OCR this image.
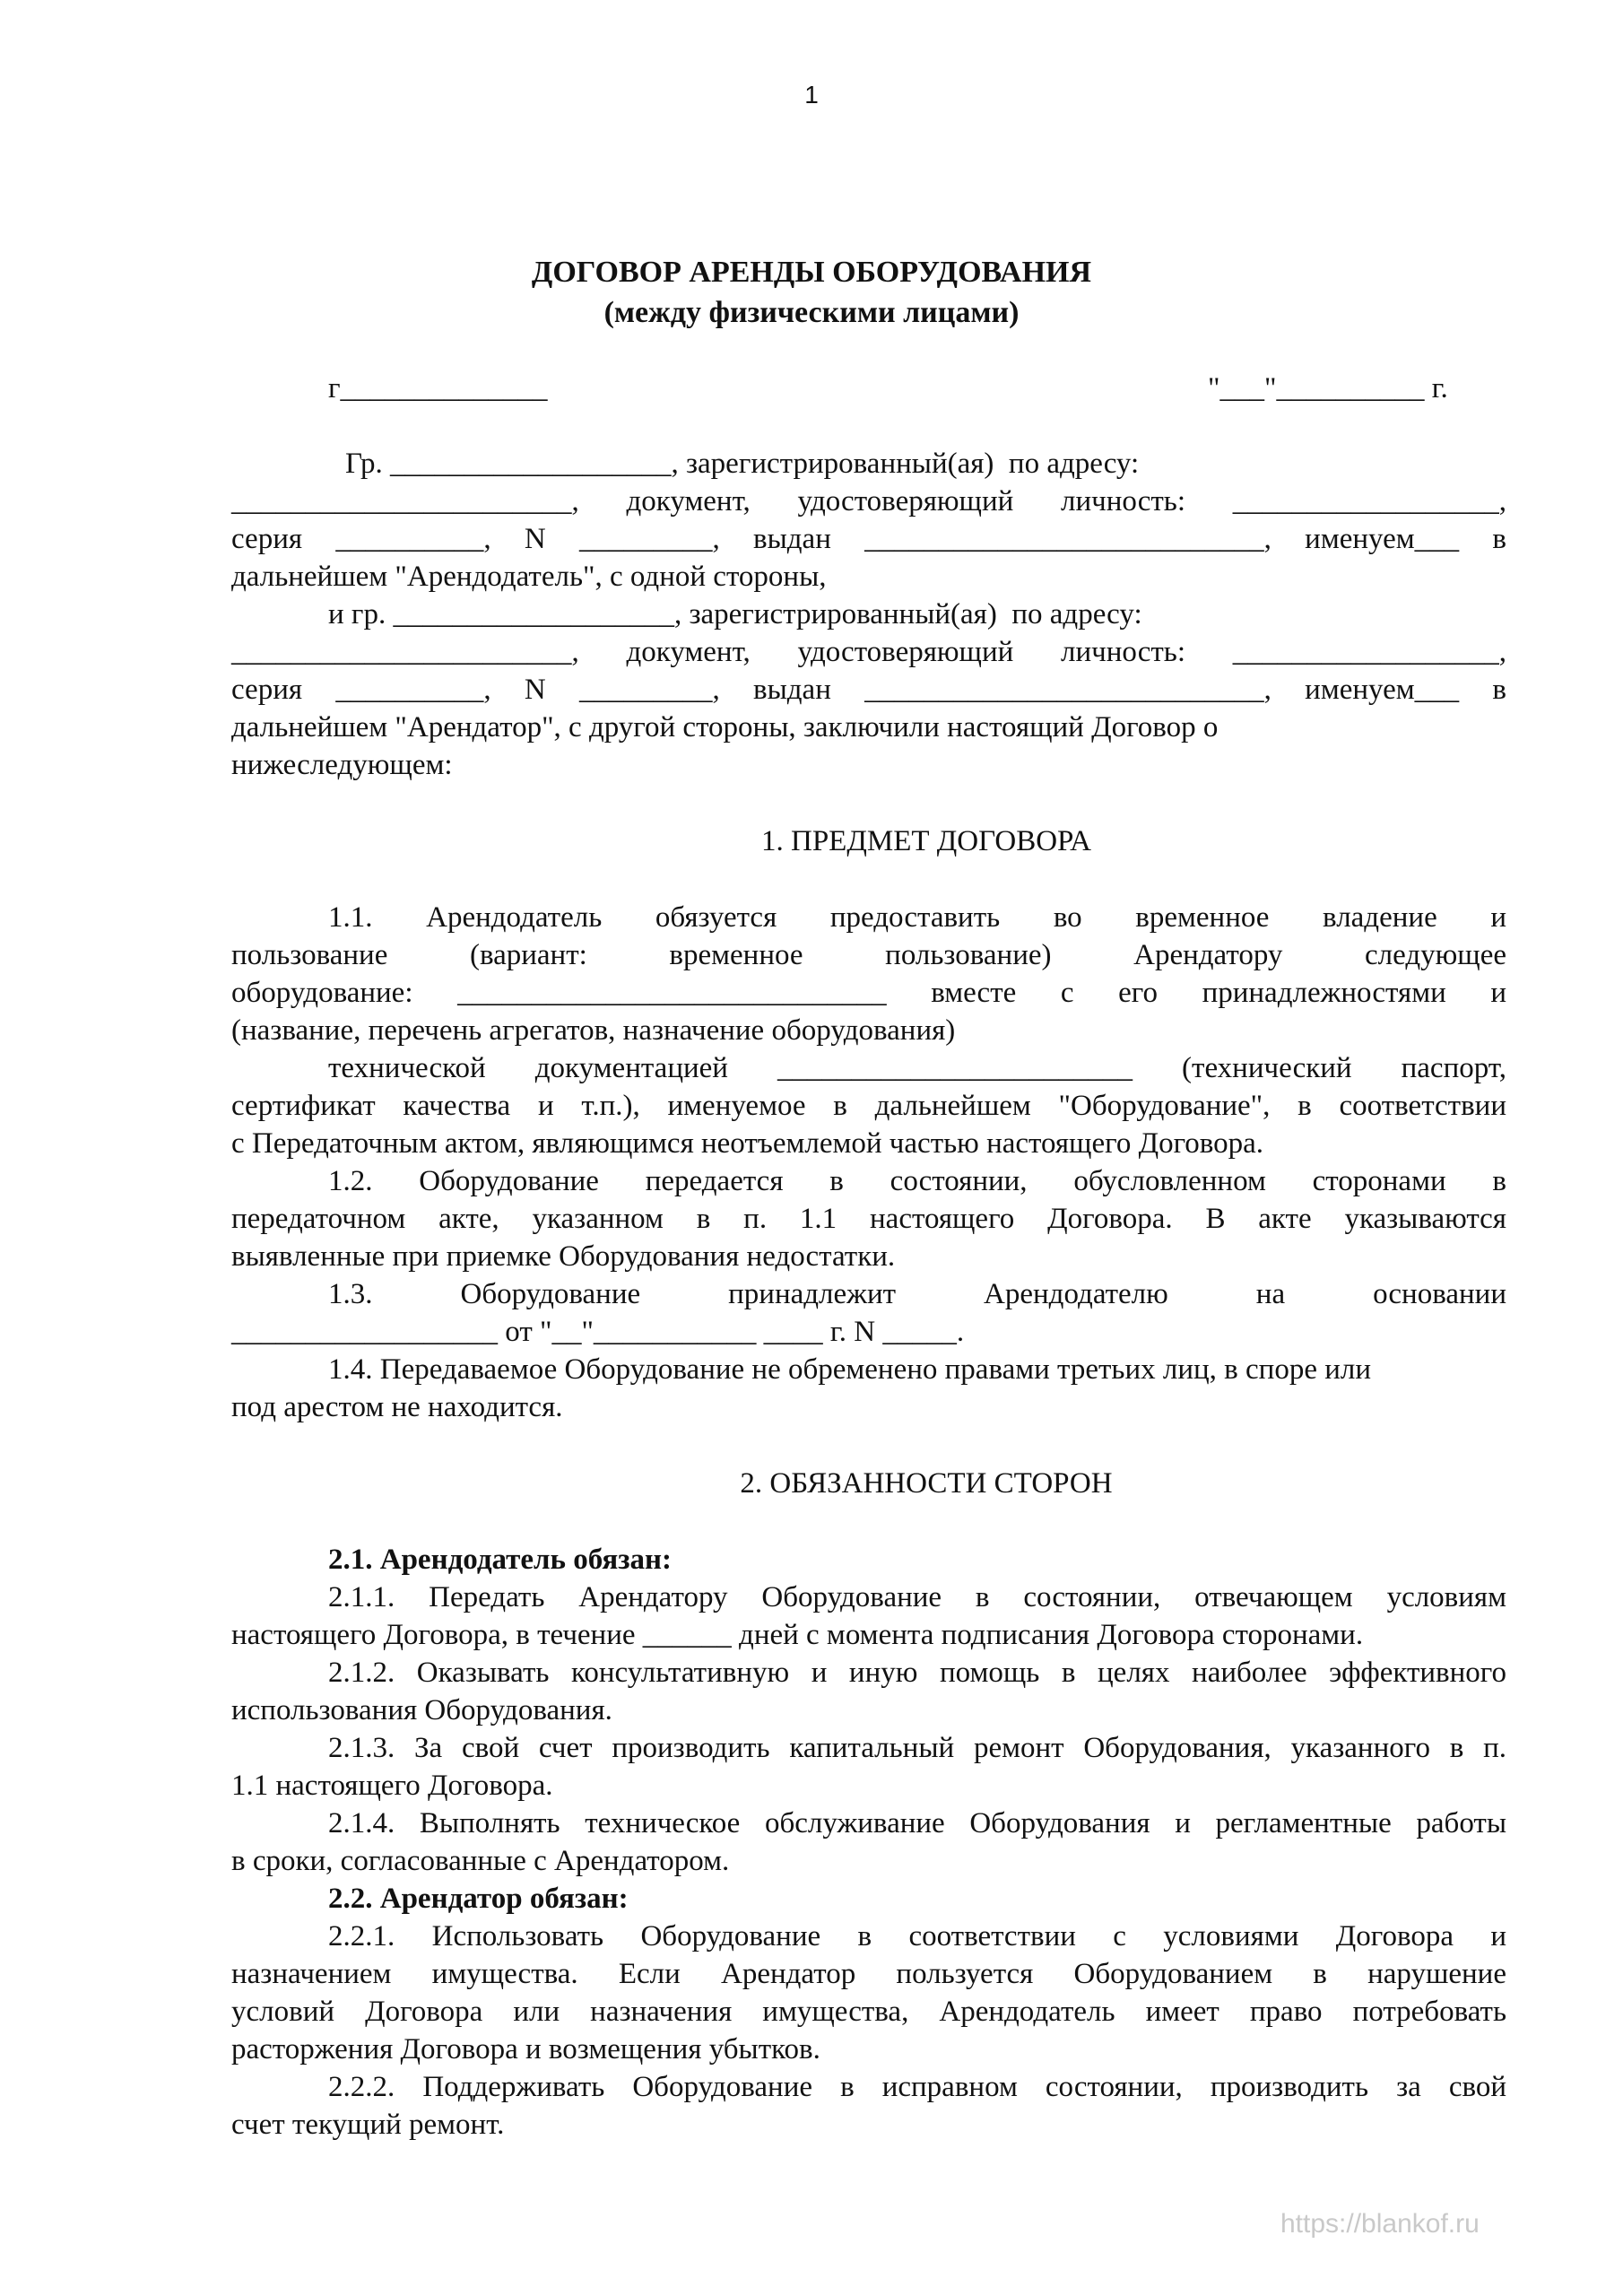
1
ДОГОВОР АРЕНДЫ ОБОРУДОВАНИЯ
(между физическими лицами)
г______________	"___"__________ г.

Гр. ___________________, зарегистрированный(ая)  по адресу:

_______________________, документ, удостоверяющий личность: __________________,

серия __________, N _________, выдан ___________________________, именуем___ в

дальнейшем "Арендодатель", с одной стороны,

и гр. ___________________, зарегистрированный(ая)  по адресу:

_______________________, документ, удостоверяющий личность: __________________,

серия __________, N _________, выдан ___________________________, именуем___ в

дальнейшем "Арендатор", с другой стороны, заключили настоящий Договор о

нижеследующем:

1. ПРЕДМЕТ ДОГОВОРА

1.1. Арендодатель обязуется предоставить во временное владение и

пользование (вариант: временное пользование) Арендатору следующее

оборудование: _____________________________ вместе с его принадлежностями и

(название, перечень агрегатов, назначение оборудования)

технической документацией ________________________ (технический паспорт,

сертификат качества и т.п.), именуемое в дальнейшем "Оборудование", в соответствии

с Передаточным актом, являющимся неотъемлемой частью настоящего Договора.

1.2. Оборудование передается в состоянии, обусловленном сторонами в

передаточном акте, указанном в п. 1.1 настоящего Договора. В акте указываются

выявленные при приемке Оборудования недостатки.

1.3. Оборудование принадлежит Арендодателю на основании

__________________ от "__"___________ ____ г. N _____.

1.4. Передаваемое Оборудование не обременено правами третьих лиц, в споре или

под арестом не находится.

2. ОБЯЗАННОСТИ СТОРОН

2.1. Арендодатель обязан:

2.1.1. Передать Арендатору Оборудование в состоянии, отвечающем условиям

настоящего Договора, в течение ______ дней с момента подписания Договора сторонами.

2.1.2. Оказывать консультативную и иную помощь в целях наиболее эффективного

использования Оборудования.

2.1.3. За свой счет производить капитальный ремонт Оборудования, указанного в п.

1.1 настоящего Договора.

2.1.4. Выполнять техническое обслуживание Оборудования и регламентные работы

в сроки, согласованные с Арендатором.

2.2. Арендатор обязан:

2.2.1. Использовать Оборудование в соответствии с условиями Договора и

назначением имущества. Если Арендатор пользуется Оборудованием в нарушение

условий Договора или назначения имущества, Арендодатель имеет право потребовать

расторжения Договора и возмещения убытков.

2.2.2. Поддерживать Оборудование в исправном состоянии, производить за свой

счет текущий ремонт.

https://blankof.ru
